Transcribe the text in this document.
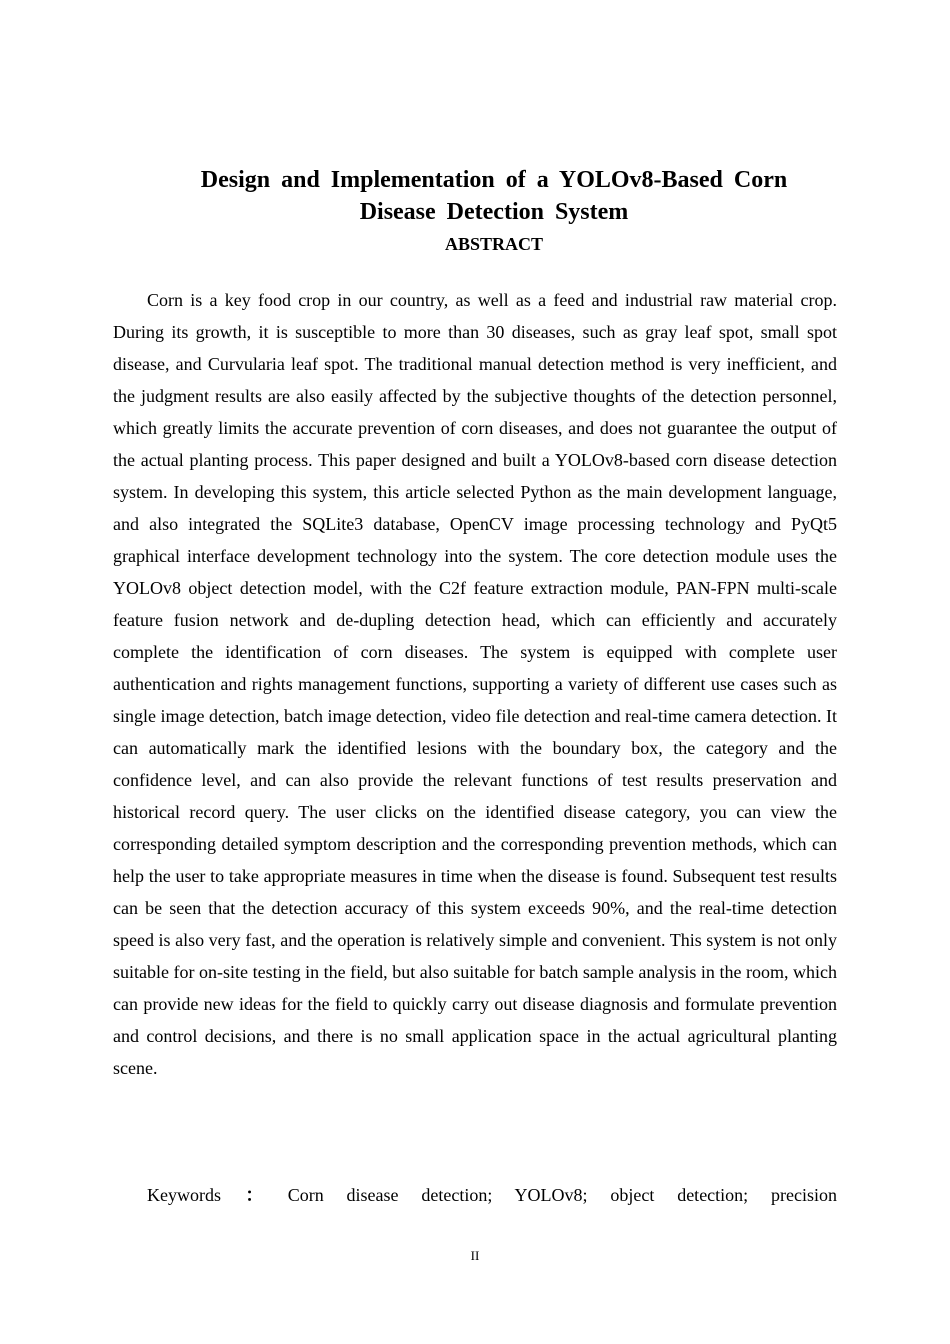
Design and Implementation of a YOLOv8-Based Corn
Disease Detection System
ABSTRACT

Corn is a key food crop in our country, as well as a feed and industrial raw material crop. During its growth, it is susceptible to more than 30 diseases, such as gray leaf spot, small spot disease, and Curvularia leaf spot. The traditional manual detection method is very inefficient, and the judgment results are also easily affected by the subjective thoughts of the detection personnel, which greatly limits the accurate prevention of corn diseases, and does not guarantee the output of the actual planting process. This paper designed and built a YOLOv8-based corn disease detection system. In developing this system, this article selected Python as the main development language, and also integrated the SQLite3 database, OpenCV image processing technology and PyQt5 graphical interface development technology into the system. The core detection module uses the YOLOv8 object detection model, with the C2f feature extraction module, PAN-FPN multi-scale feature fusion network and de-dupling detection head, which can efficiently and accurately complete the identification of corn diseases. The system is equipped with complete user authentication and rights management functions, supporting a variety of different use cases such as single image detection, batch image detection, video file detection and real-time camera detection. It can automatically mark the identified lesions with the boundary box, the category and the confidence level, and can also provide the relevant functions of test results preservation and historical record query. The user clicks on the identified disease category, you can view the corresponding detailed symptom description and the corresponding prevention methods, which can help the user to take appropriate measures in time when the disease is found. Subsequent test results can be seen that the detection accuracy of this system exceeds 90%, and the real-time detection speed is also very fast, and the operation is relatively simple and convenient. This system is not only suitable for on-site testing in the field, but also suitable for batch sample analysis in the room, which can provide new ideas for the field to quickly carry out disease diagnosis and formulate prevention and control decisions, and there is no small application space in the actual agricultural planting scene.

Keywords ： Corn disease detection; YOLOv8; object detection; precision

II
